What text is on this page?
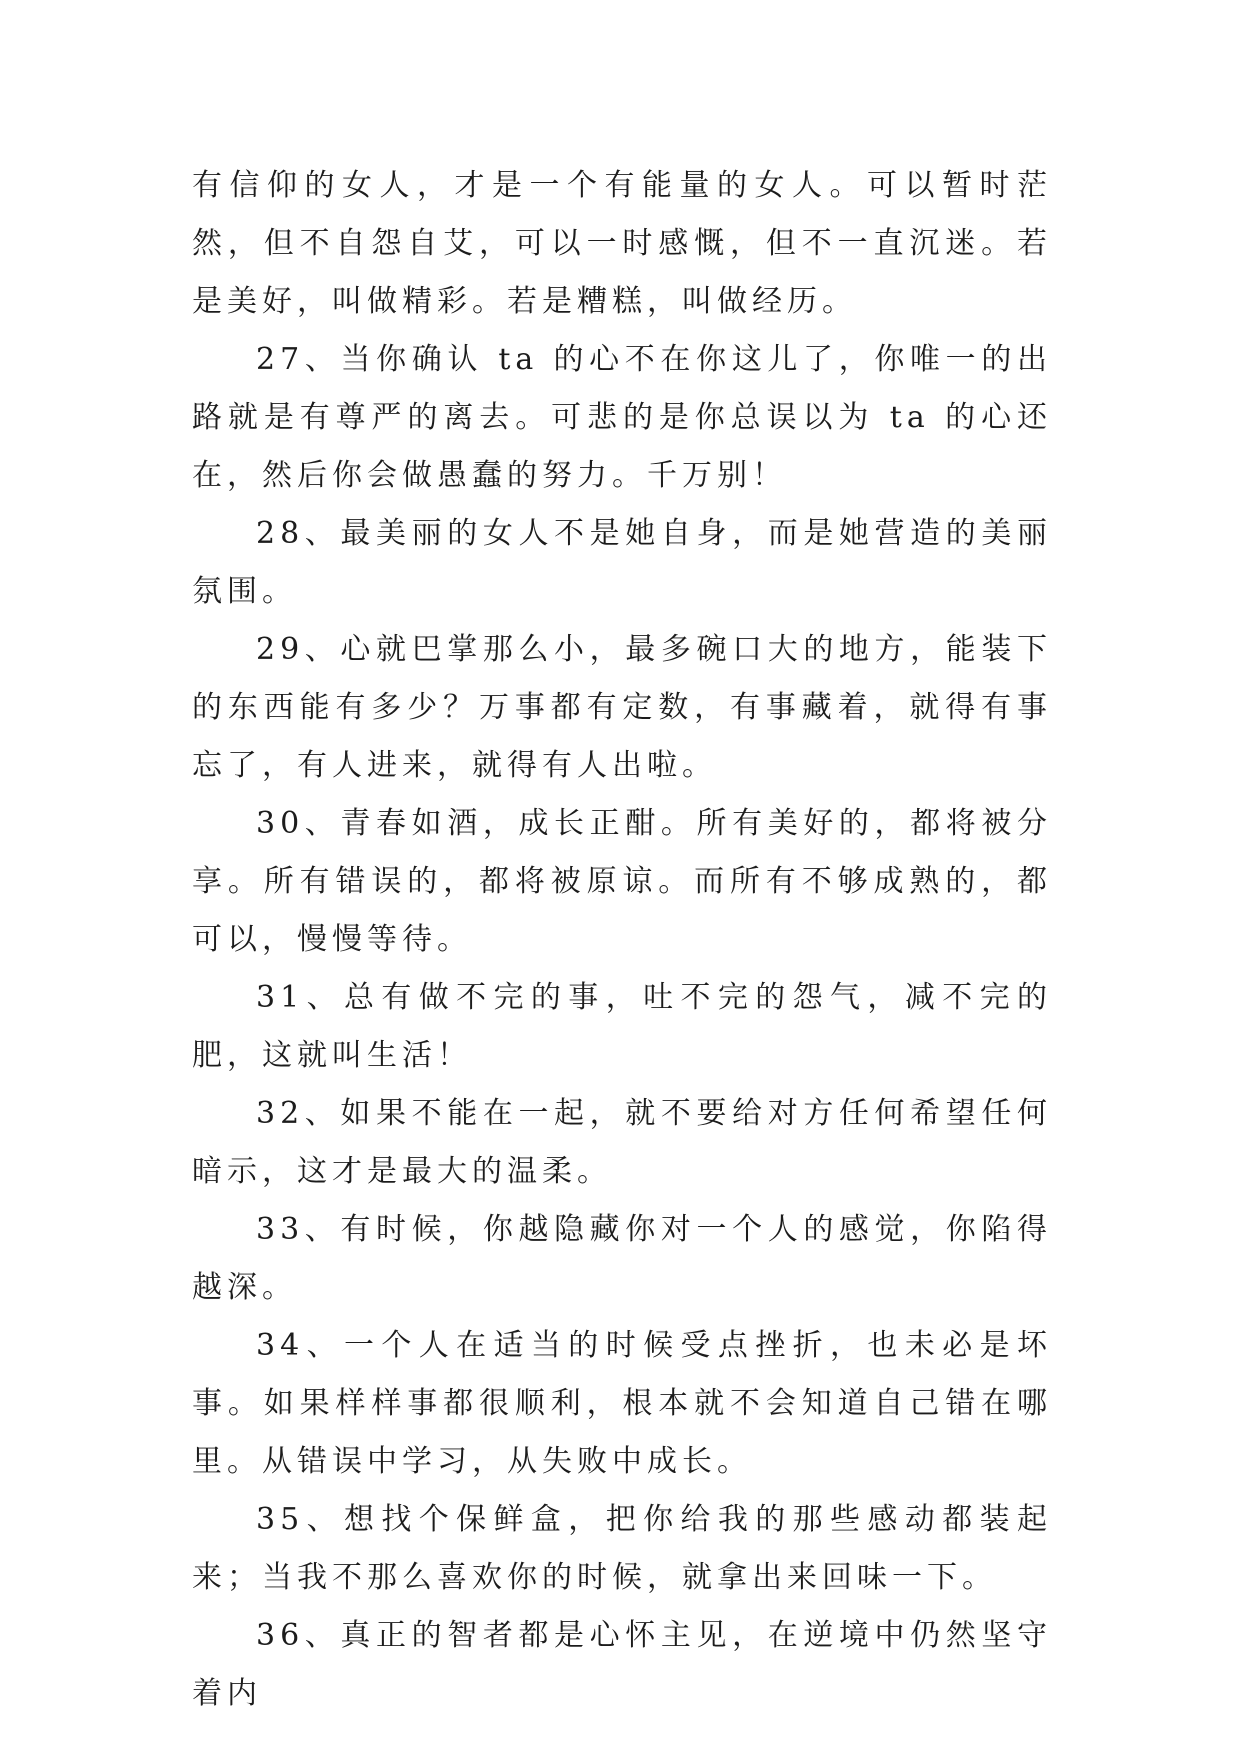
有信仰的女人，才是一个有能量的女人。可以暂时茫然，但不自怨自艾，可以一时感慨，但不一直沉迷。若是美好，叫做精彩。若是糟糕，叫做经历。

27、当你确认 ta 的心不在你这儿了，你唯一的出路就是有尊严的离去。可悲的是你总误以为 ta 的心还在，然后你会做愚蠢的努力。千万别！

28、最美丽的女人不是她自身，而是她营造的美丽氛围。

29、心就巴掌那么小，最多碗口大的地方，能装下的东西能有多少？万事都有定数，有事藏着，就得有事忘了，有人进来，就得有人出啦。

30、青春如酒，成长正酣。所有美好的，都将被分享。所有错误的，都将被原谅。而所有不够成熟的，都可以，慢慢等待。

31、总有做不完的事，吐不完的怨气，减不完的肥，这就叫生活！

32、如果不能在一起，就不要给对方任何希望任何暗示，这才是最大的温柔。

33、有时候，你越隐藏你对一个人的感觉，你陷得越深。

34、一个人在适当的时候受点挫折，也未必是坏事。如果样样事都很顺利，根本就不会知道自己错在哪里。从错误中学习，从失败中成长。

35、想找个保鲜盒，把你给我的那些感动都装起来；当我不那么喜欢你的时候，就拿出来回味一下。

36、真正的智者都是心怀主见，在逆境中仍然坚守着内
